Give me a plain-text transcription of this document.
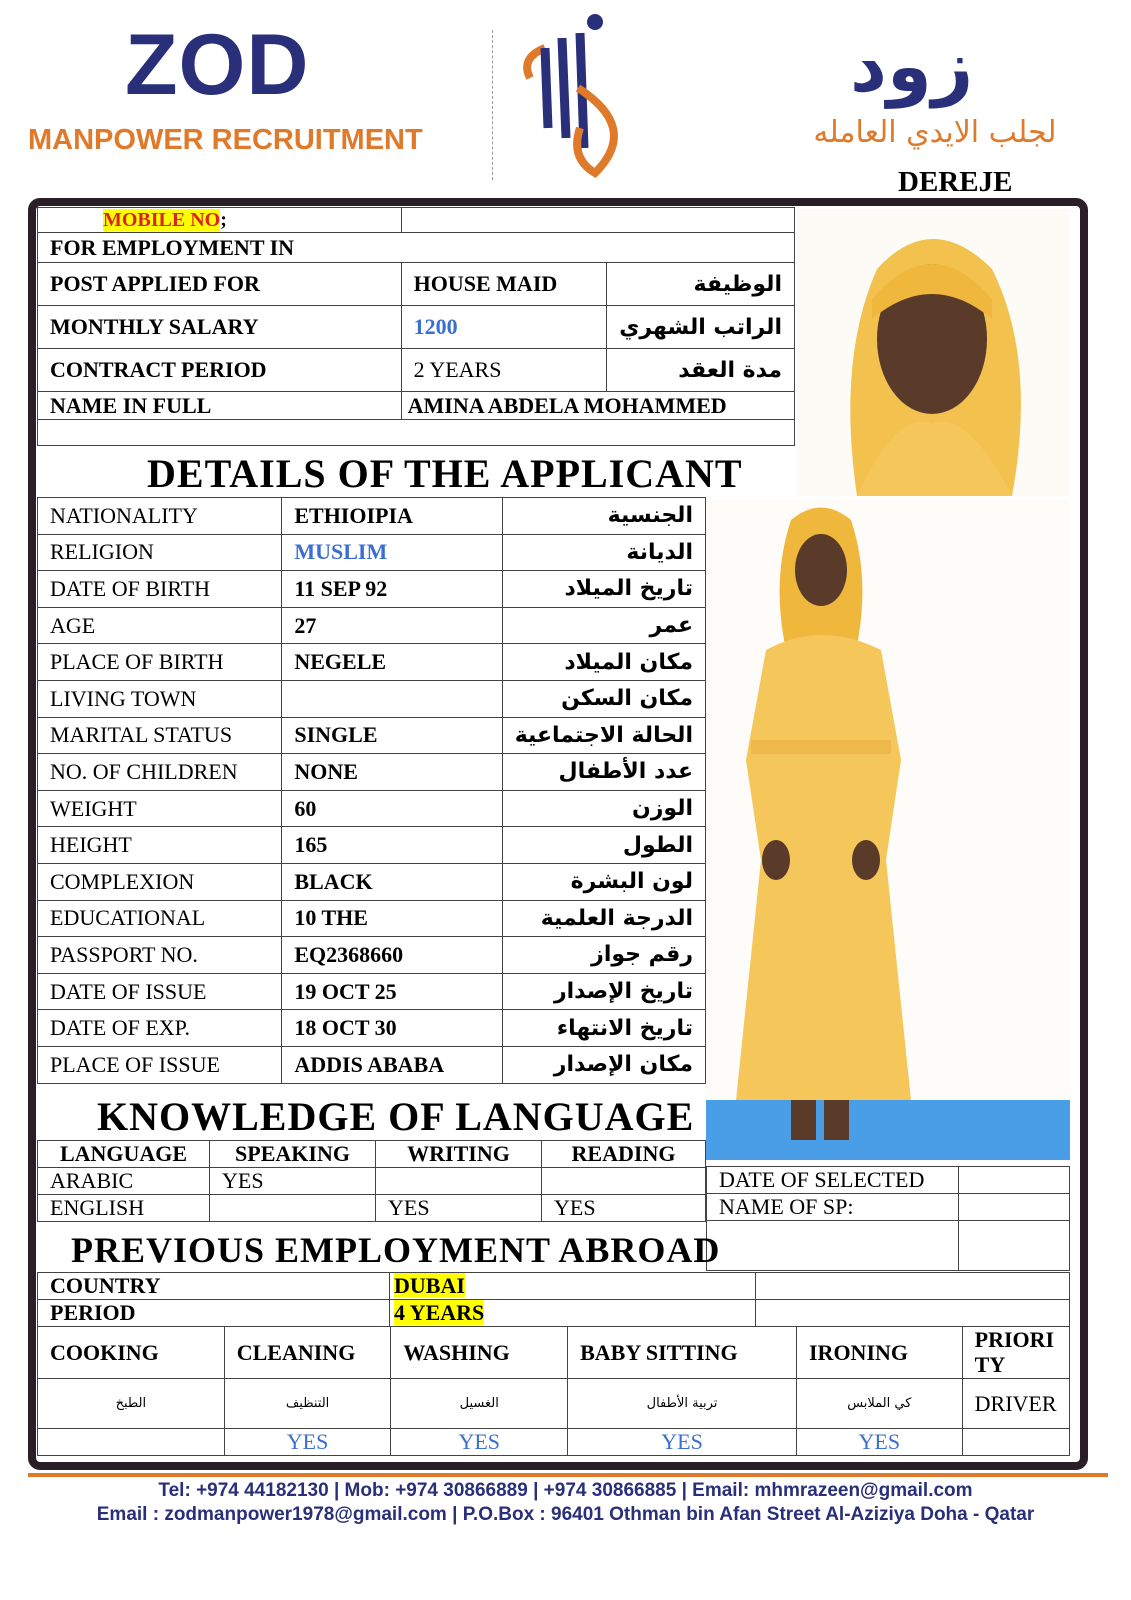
ZOD
MANPOWER RECRUITMENT
زود
لجلب الايدي العامله
DEREJE
MOBILE NO;		
FOR EMPLOYMENT IN		
POST APPLIED FOR	HOUSE MAID	الوظيفة
MONTHLY SALARY	1200	الراتب الشهري
CONTRACT PERIOD	2 YEARS	مدة العقد
NAME IN FULL	AMINA ABDELA MOHAMMED	

DETAILS OF THE APPLICANT
NATIONALITY	ETHIOIPIA	الجنسية
RELIGION	MUSLIM	الديانة
DATE OF BIRTH	11 SEP 92	تاريخ الميلاد
AGE	27	عمر
PLACE OF BIRTH	NEGELE	مكان الميلاد
LIVING TOWN		مكان السكن
MARITAL STATUS	SINGLE	الحالة الاجتماعية
NO. OF CHILDREN	NONE	عدد الأطفال
WEIGHT	60	الوزن
HEIGHT	165	الطول
COMPLEXION	BLACK	لون البشرة
EDUCATIONAL	10 THE	الدرجة العلمية
PASSPORT NO.	EQ2368660	رقم جواز
DATE OF ISSUE	19 OCT 25	تاريخ الإصدار
DATE OF EXP.	18 OCT 30	تاريخ الانتهاء
PLACE OF ISSUE	ADDIS ABABA	مكان الإصدار
KNOWLEDGE OF LANGUAGE
LANGUAGE	SPEAKING	WRITING	READING
ARABIC	YES		
ENGLISH		YES	YES
DATE OF SELECTED	
NAME OF SP:	

PREVIOUS EMPLOYMENT ABROAD
COUNTRY	DUBAI	
PERIOD	4 YEARS	
COOKING	CLEANING	WASHING	BABY SITTING	IRONING	PRIORI TY
الطبخ	التنظيف	الغسيل	تربية الأطفال	كي الملابس	DRIVER
	YES	YES	YES	YES	
Tel: +974 44182130 | Mob: +974 30866889 | +974 30866885 | Email: mhmrazeen@gmail.com
Email : zodmanpower1978@gmail.com | P.O.Box : 96401 Othman bin Afan Street Al-Aziziya Doha - Qatar
